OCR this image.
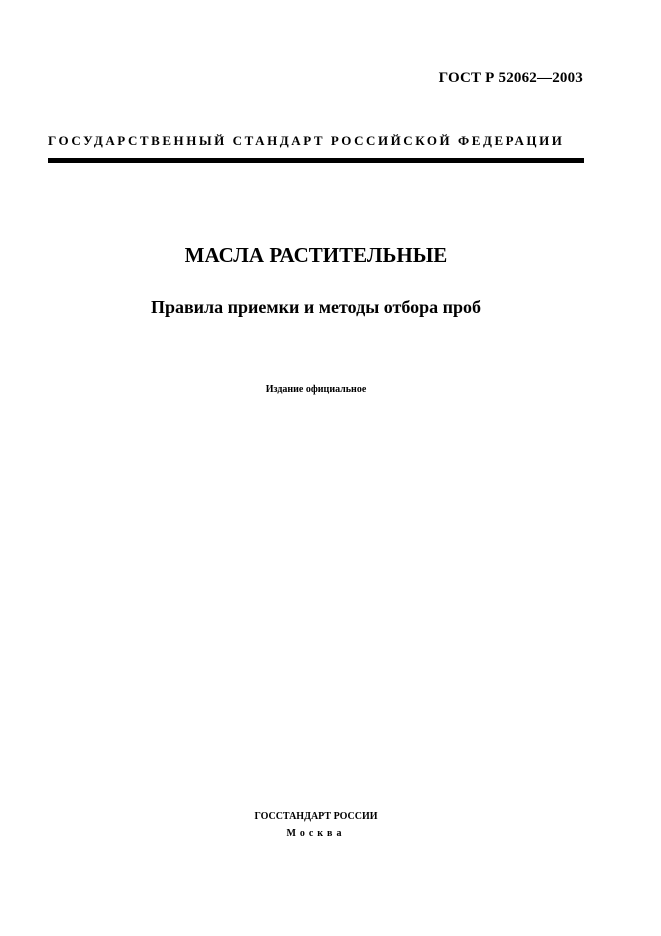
ГОСТ Р 52062—2003
ГОСУДАРСТВЕННЫЙ СТАНДАРТ РОССИЙСКОЙ ФЕДЕРАЦИИ
МАСЛА РАСТИТЕЛЬНЫЕ
Правила приемки и методы отбора проб
Издание официальное
ГОССТАНДАРТ РОССИИ
Москва
